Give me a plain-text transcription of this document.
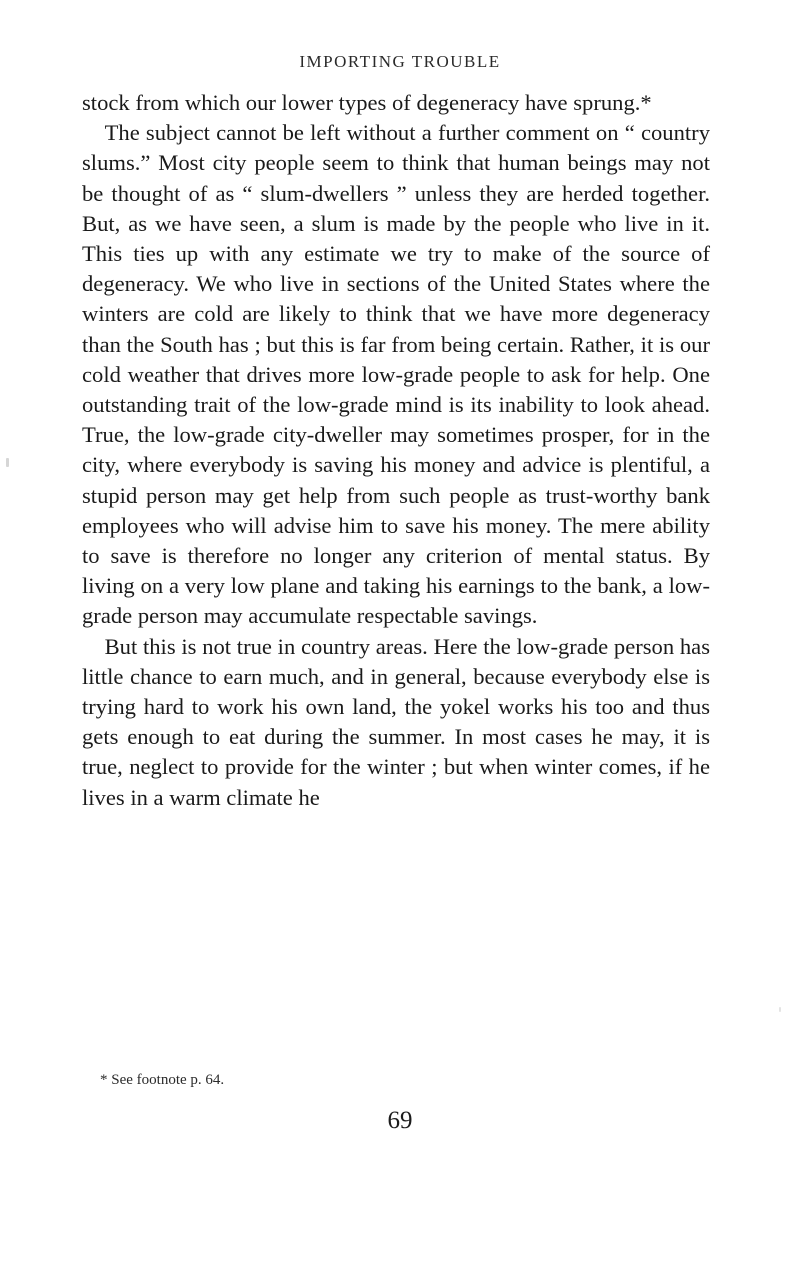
IMPORTING TROUBLE

stock from which our lower types of degeneracy have sprung.*

The subject cannot be left without a further comment on “ country slums.” Most city people seem to think that human beings may not be thought of as “ slum-dwellers ” unless they are herded together. But, as we have seen, a slum is made by the people who live in it. This ties up with any estimate we try to make of the source of degeneracy. We who live in sections of the United States where the winters are cold are likely to think that we have more degeneracy than the South has ; but this is far from being certain. Rather, it is our cold weather that drives more low-grade people to ask for help. One outstanding trait of the low-grade mind is its inability to look ahead. True, the low-grade city-dweller may sometimes prosper, for in the city, where everybody is saving his money and advice is plentiful, a stupid person may get help from such people as trust-worthy bank employees who will advise him to save his money. The mere ability to save is therefore no longer any criterion of mental status. By living on a very low plane and taking his earnings to the bank, a low-grade person may accumulate respectable savings.

But this is not true in country areas. Here the low-grade person has little chance to earn much, and in general, because everybody else is trying hard to work his own land, the yokel works his too and thus gets enough to eat during the summer. In most cases he may, it is true, neglect to provide for the winter ; but when winter comes, if he lives in a warm climate he

* See footnote p. 64.
69
